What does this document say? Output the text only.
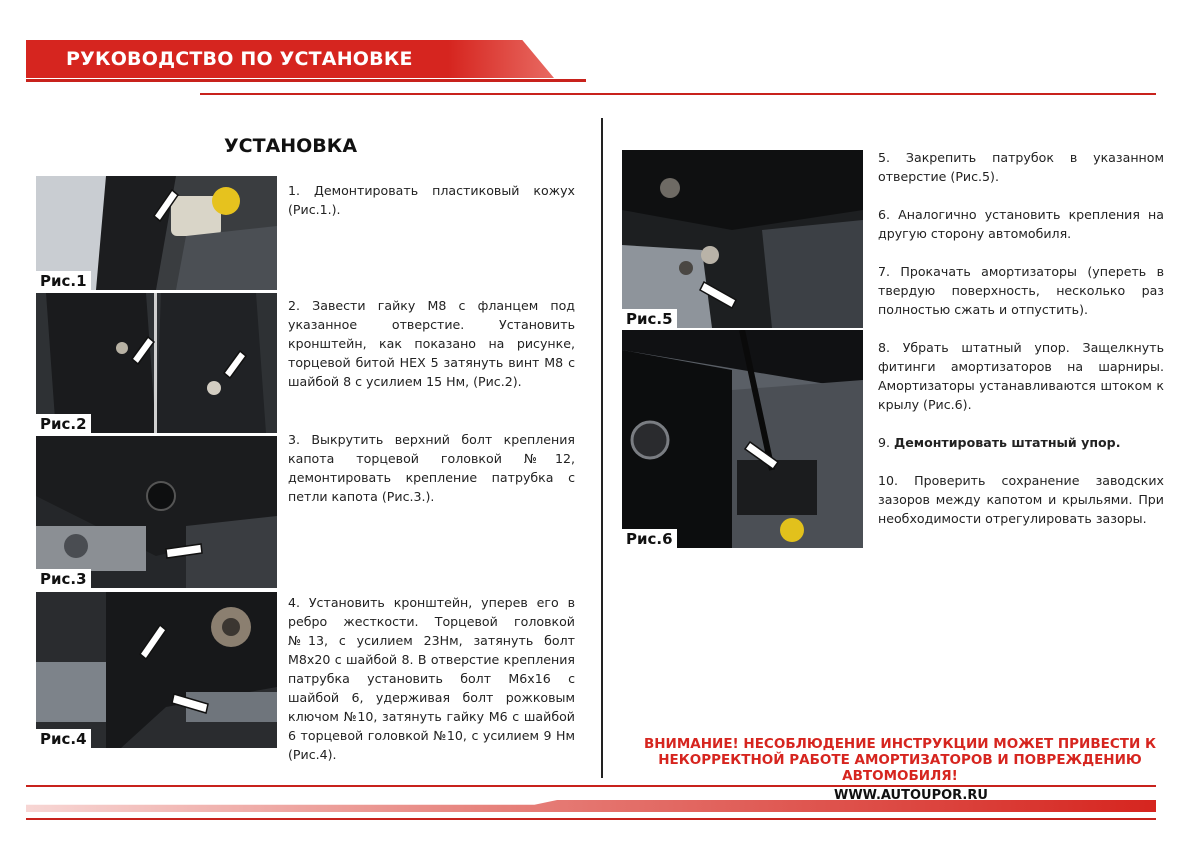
РУКОВОДСТВО ПО УСТАНОВКЕ
УСТАНОВКА
Рис.1
Рис.2
Рис.3
Рис.4
Рис.5
Рис.6
1. Демонтировать пластиковый кожух (Рис.1.).
2. Завести гайку М8 с фланцем под указанное отверстие. Установить кронштейн, как показано на рисунке, торцевой битой HEX 5 затянуть винт М8 с шайбой 8 с усилием 15 Нм, (Рис.2).
3. Выкрутить верхний болт крепления капота торцевой головкой №12, демонтировать крепление патрубка с петли капота (Рис.3.).
4. Установить кронштейн, уперев его в ребро жесткости. Торцевой головкой №13, с усилием 23Нм, затянуть болт М8х20 с шайбой 8. В отверстие крепления патрубка установить болт М6х16 с шайбой 6, удерживая болт рожковым ключом №10, затянуть гайку М6 с шайбой 6 торцевой головкой №10, с усилием 9 Нм (Рис.4).
5. Закрепить патрубок в указанном отверстие (Рис.5).
6. Аналогично установить крепления на другую сторону автомобиля.
7. Прокачать амортизаторы (упереть в твердую поверхность, несколько раз полностью сжать и отпустить).
8. Убрать штатный упор. Защелкнуть фитинги амортизаторов на шарниры. Амортизаторы устанавливаются штоком к крылу (Рис.6).
9. Демонтировать штатный упор.
10. Проверить сохранение заводских зазоров между капотом и крыльями. При необходимости отрегулировать зазоры.
ВНИМАНИЕ! НЕСОБЛЮДЕНИЕ ИНСТРУКЦИИ МОЖЕТ ПРИВЕСТИ К НЕКОРРЕКТНОЙ РАБОТЕ АМОРТИЗАТОРОВ И ПОВРЕЖДЕНИЮ АВТОМОБИЛЯ!
WWW.AUTOUPOR.RU
